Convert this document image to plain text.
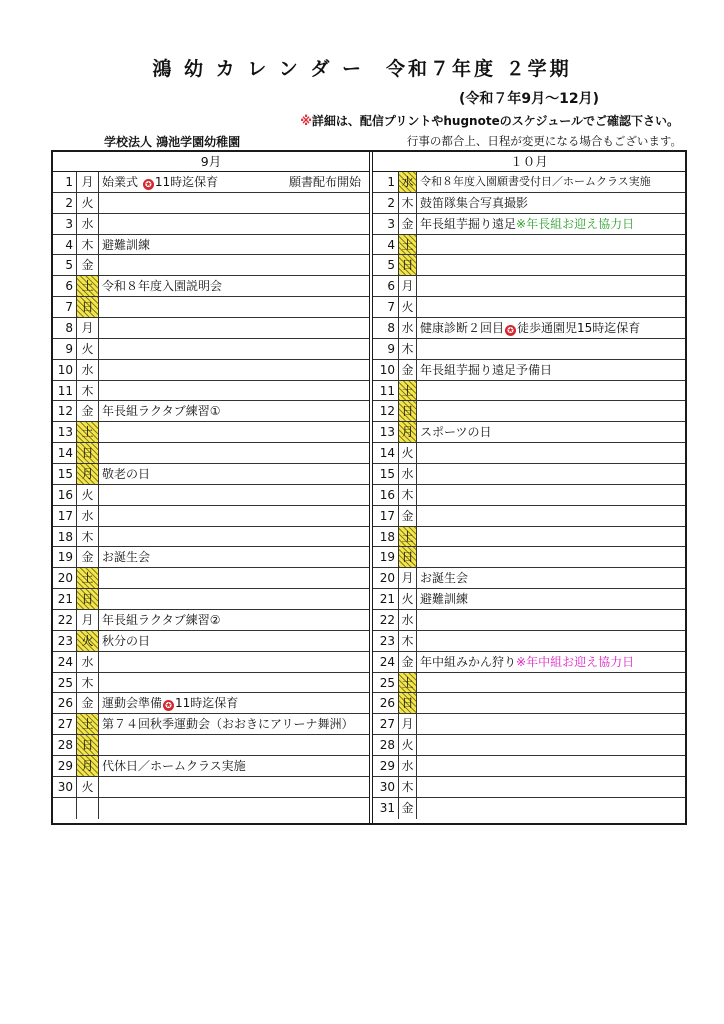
鴻 幼 カ レ ン ダ ー　令和７年度 ２学期
(令和７年9月～12月)
※詳細は、配信プリントやhugnoteのスケジュールでご確認下さい。
学校法人 鴻池学園幼稚園	行事の都合上、日程が変更になる場合もございます。
9月
1 月 始業式 ✪ 11時迄保育	願書配布開始
2 火
3 水
4 木 避難訓練
5 金
6 土 令和８年度入園説明会
7 日
8 月
9 火
10 水
11 木
12 金 年長組ラクタブ練習①
13 土
14 日
15 月 敬老の日
16 火
17 水
18 木
19 金 お誕生会
20 土
21 日
22 月 年長組ラクタブ練習②
23 火 秋分の日
24 水
25 木
26 金 運動会準備 ✪ 11時迄保育
27 土 第７４回秋季運動会（おおきにアリーナ舞洲）
28 日
29 月 代休日／ホームクラス実施
30 火
１０月
1 水 令和８年度入園願書受付日／ホームクラス実施
2 木 鼓笛隊集合写真撮影
3 金 年長組芋掘り遠足※年長組お迎え協力日
4 土
5 日
6 月
7 火
8 水 健康診断２回目 ✪ 徒歩通園児15時迄保育
9 木
10 金 年長組芋掘り遠足予備日
11 土
12 日
13 月 スポーツの日
14 火
15 水
16 木
17 金
18 土
19 日
20 月 お誕生会
21 火 避難訓練
22 水
23 木
24 金 年中組みかん狩り※年中組お迎え協力日
25 土
26 日
27 月
28 火
29 水
30 木
31 金
